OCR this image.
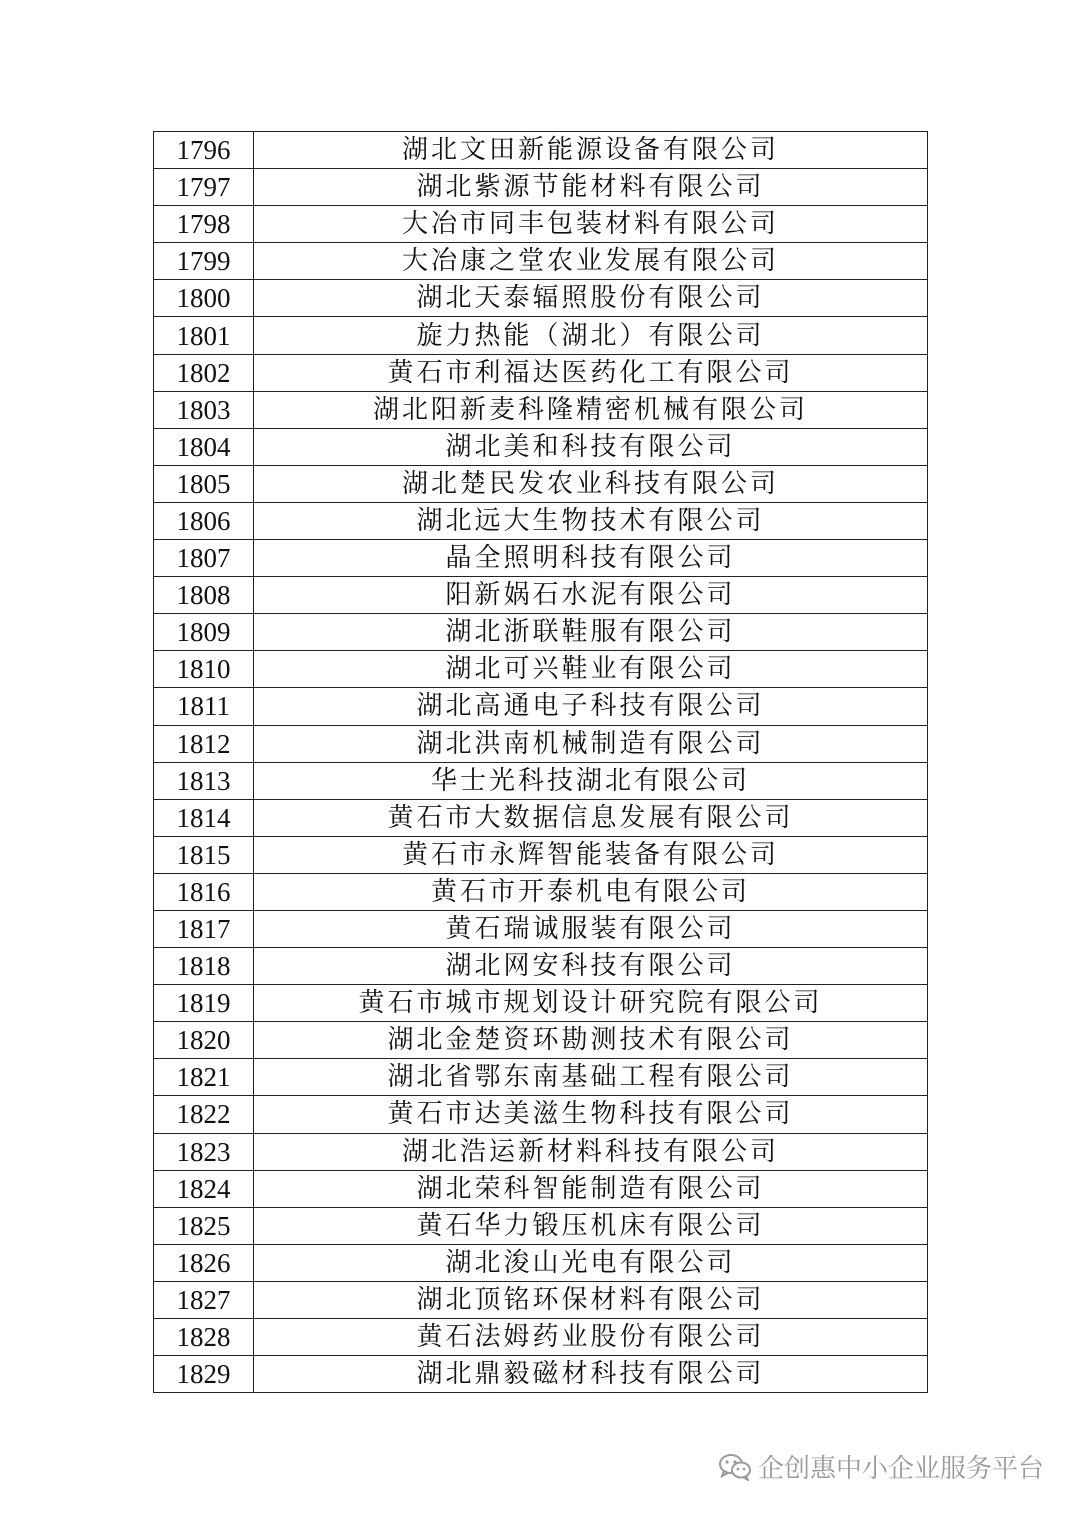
1796	湖北文田新能源设备有限公司
1797	湖北紫源节能材料有限公司
1798	大冶市同丰包装材料有限公司
1799	大冶康之堂农业发展有限公司
1800	湖北天泰辐照股份有限公司
1801	旋力热能（湖北）有限公司
1802	黄石市利福达医药化工有限公司
1803	湖北阳新麦科隆精密机械有限公司
1804	湖北美和科技有限公司
1805	湖北楚民发农业科技有限公司
1806	湖北远大生物技术有限公司
1807	晶全照明科技有限公司
1808	阳新娲石水泥有限公司
1809	湖北浙联鞋服有限公司
1810	湖北可兴鞋业有限公司
1811	湖北高通电子科技有限公司
1812	湖北洪南机械制造有限公司
1813	华士光科技湖北有限公司
1814	黄石市大数据信息发展有限公司
1815	黄石市永辉智能装备有限公司
1816	黄石市开泰机电有限公司
1817	黄石瑞诚服装有限公司
1818	湖北网安科技有限公司
1819	黄石市城市规划设计研究院有限公司
1820	湖北金楚资环勘测技术有限公司
1821	湖北省鄂东南基础工程有限公司
1822	黄石市达美滋生物科技有限公司
1823	湖北浩运新材料科技有限公司
1824	湖北荣科智能制造有限公司
1825	黄石华力锻压机床有限公司
1826	湖北浚山光电有限公司
1827	湖北顶铭环保材料有限公司
1828	黄石法姆药业股份有限公司
1829	湖北鼎毅磁材科技有限公司
企创惠中小企业服务平台
